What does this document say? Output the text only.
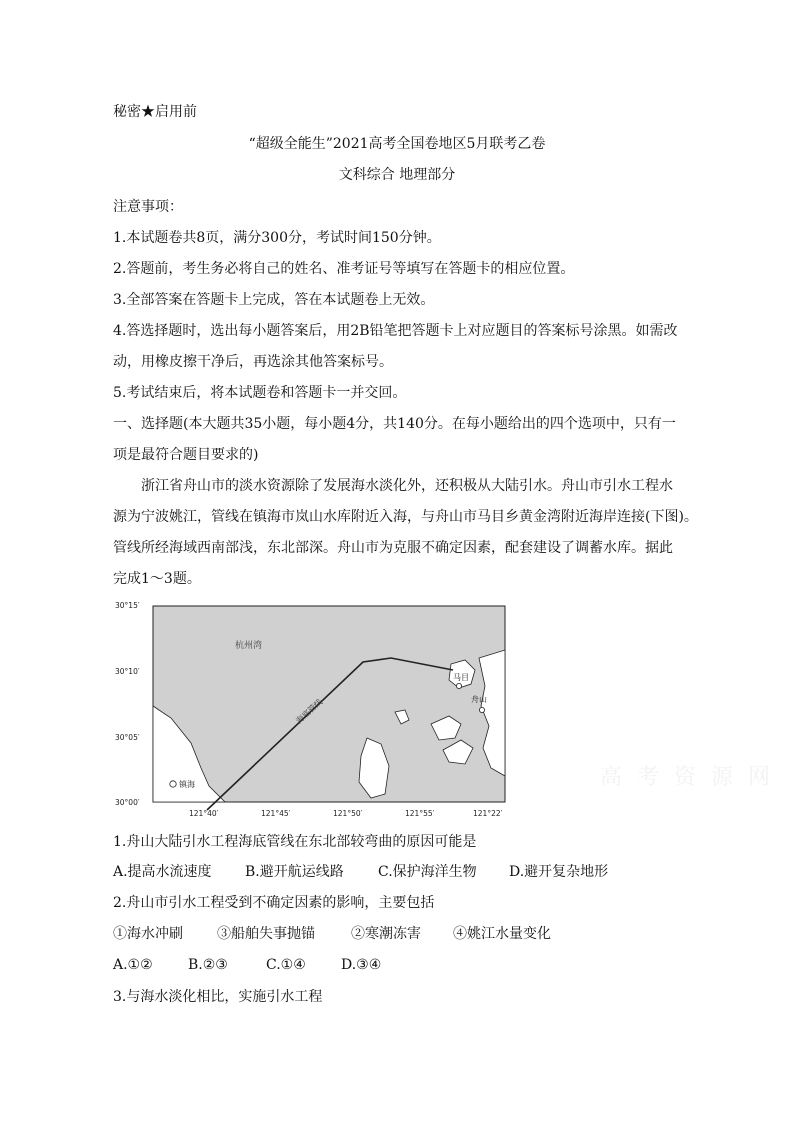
秘密★启用前
“超级全能生”2021高考全国卷地区5月联考乙卷
文科综合 地理部分
注意事项：
1.本试题卷共8页，满分300分，考试时间150分钟。
2.答题前，考生务必将自己的姓名、准考证号等填写在答题卡的相应位置。
3.全部答案在答题卡上完成，答在本试题卷上无效。
4.答选择题时，选出每小题答案后，用2B铅笔把答题卡上对应题目的答案标号涂黑。如需改
动，用橡皮擦干净后，再选涂其他答案标号。
5.考试结束后，将本试题卷和答题卡一并交回。
一、选择题(本大题共35小题，每小题4分，共140分。在每小题给出的四个选项中，只有一
项是最符合题目要求的)
浙江省舟山市的淡水资源除了发展海水淡化外，还积极从大陆引水。舟山市引水工程水
源为宁波姚江，管线在镇海市岚山水库附近入海，与舟山市马目乡黄金湾附近海岸连接(下图)。
管线所经海域西南部浅，东北部深。舟山市为克服不确定因素，配套建设了调蓄水库。据此
完成1～3题。
杭州湾
海底管线
镇海
马目
舟山
30°15′
30°10′
30°05′
30°00′
121°40′	121°45′	121°50′	121°55′	121°22′
高 考 资 源 网
1.舟山大陆引水工程海底管线在东北部较弯曲的原因可能是
A.提高水流速度 B.避开航运线路 C.保护海洋生物 D.避开复杂地形
2.舟山市引水工程受到不确定因素的影响，主要包括
①海水冲刷 ③船舶失事抛锚	②寒潮冻害 ④姚江水量变化
A.①②	B.②③	C.①④	D.③④
3.与海水淡化相比，实施引水工程
